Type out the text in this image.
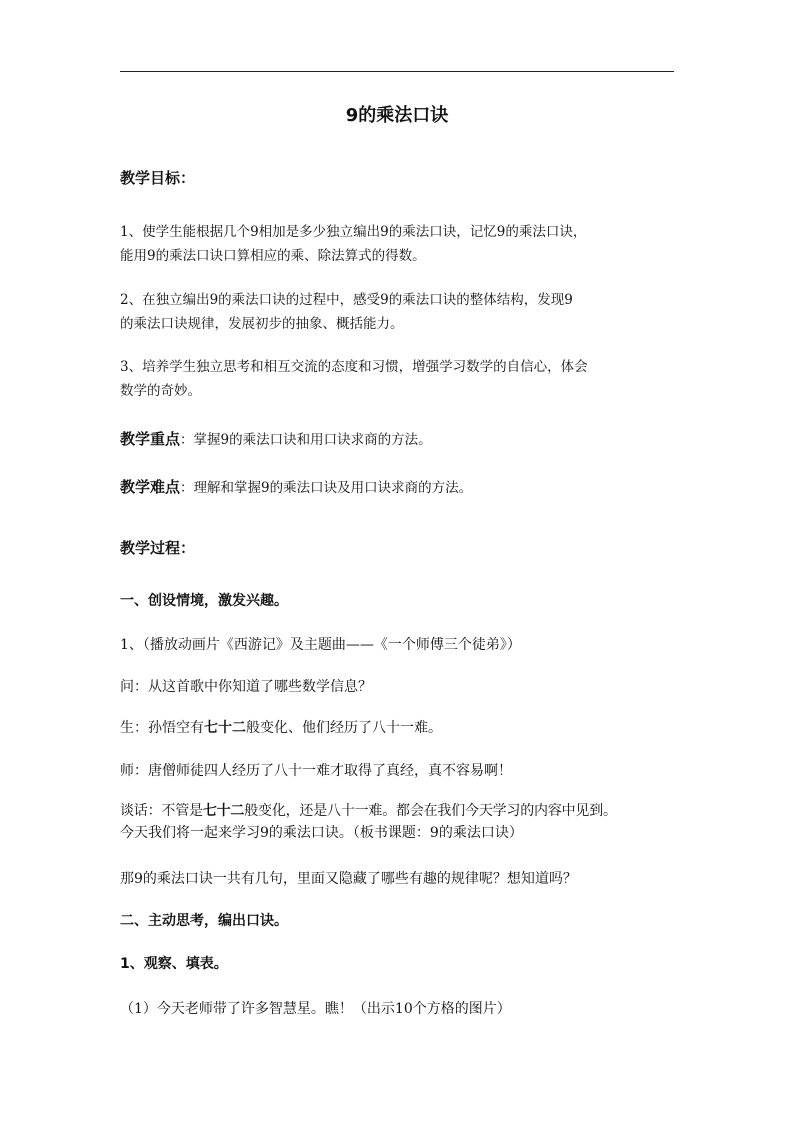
9的乘法口诀
教学目标：
1、使学生能根据几个9相加是多少独立编出9的乘法口诀，记忆9的乘法口诀，
能用9的乘法口诀口算相应的乘、除法算式的得数。
2、在独立编出9的乘法口诀的过程中，感受9的乘法口诀的整体结构，发现9
的乘法口诀规律，发展初步的抽象、概括能力。
3、培养学生独立思考和相互交流的态度和习惯，增强学习数学的自信心，体会
数学的奇妙。
教学重点：掌握9的乘法口诀和用口诀求商的方法。
教学难点：理解和掌握9的乘法口诀及用口诀求商的方法。
教学过程：
一、创设情境，激发兴趣。
1、（播放动画片《西游记》及主题曲——《一个师傅三个徒弟》）
问：从这首歌中你知道了哪些数学信息？
生：孙悟空有七十二般变化、他们经历了八十一难。
师：唐僧师徒四人经历了八十一难才取得了真经，真不容易啊！
谈话：不管是七十二般变化，还是八十一难。都会在我们今天学习的内容中见到。
今天我们将一起来学习9的乘法口诀。（板书课题：9的乘法口诀）
那9的乘法口诀一共有几句，里面又隐藏了哪些有趣的规律呢？想知道吗？
二、主动思考，编出口诀。
1、观察、填表。
（1）今天老师带了许多智慧星。瞧！（出示10个方格的图片）
